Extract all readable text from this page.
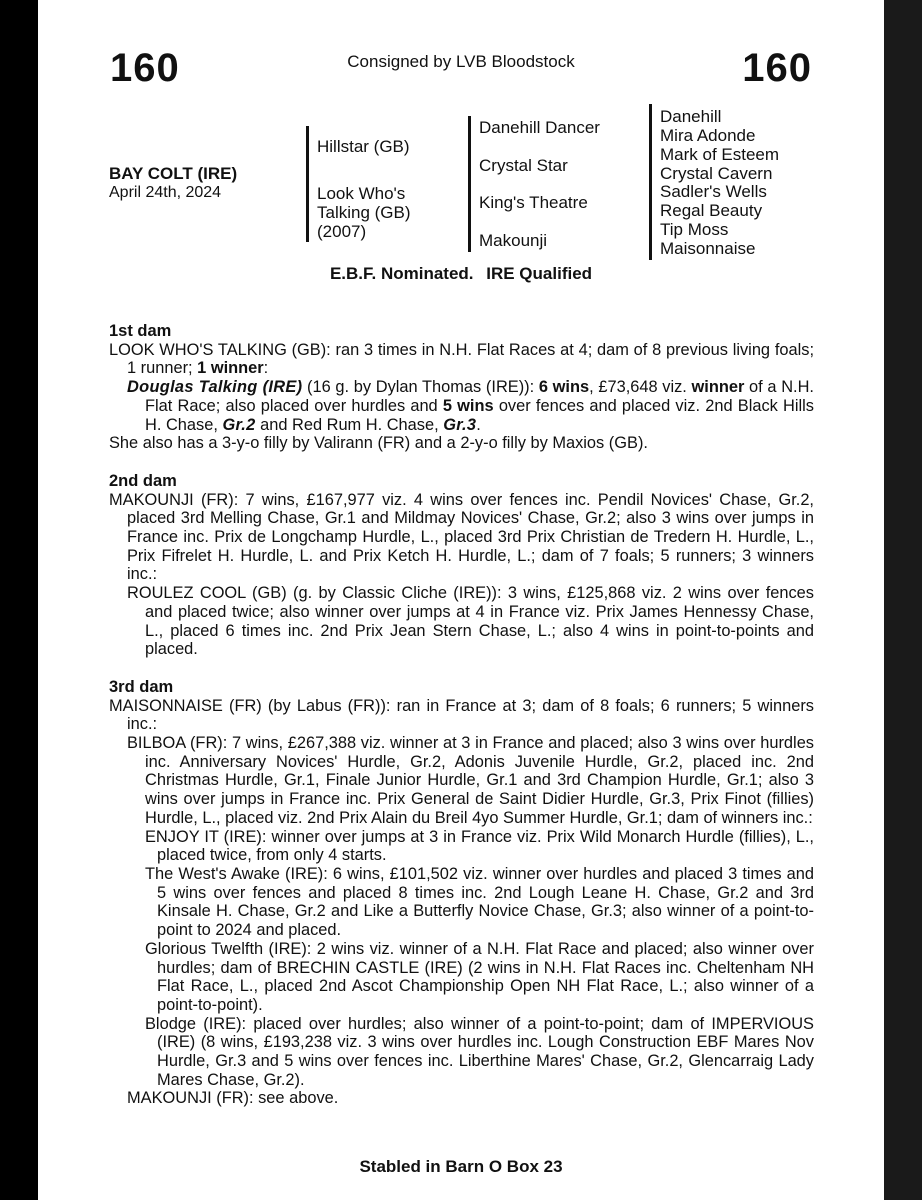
160	Consigned by LVB Bloodstock	160
BAY COLT (IRE)
April 24th, 2024
Hillstar (GB)
Look Who's
Talking (GB)
(2007)
Danehill Dancer
Crystal Star
King's Theatre
Makounji
Danehill
Mira Adonde
Mark of Esteem
Crystal Cavern
Sadler's Wells
Regal Beauty
Tip Moss
Maisonnaise
E.B.F. Nominated. IRE Qualified
1st dam
LOOK WHO'S TALKING (GB): ran 3 times in N.H. Flat Races at 4; dam of 8 previous living foals; 1 runner; 1 winner:
Douglas Talking (IRE) (16 g. by Dylan Thomas (IRE)): 6 wins, £73,648 viz. winner of a N.H. Flat Race; also placed over hurdles and 5 wins over fences and placed viz. 2nd Black Hills H. Chase, Gr.2 and Red Rum H. Chase, Gr.3.
She also has a 3-y-o filly by Valirann (FR) and a 2-y-o filly by Maxios (GB).
2nd dam
MAKOUNJI (FR): 7 wins, £167,977 viz. 4 wins over fences inc. Pendil Novices' Chase, Gr.2, placed 3rd Melling Chase, Gr.1 and Mildmay Novices' Chase, Gr.2; also 3 wins over jumps in France inc. Prix de Longchamp Hurdle, L., placed 3rd Prix Christian de Tredern H. Hurdle, L., Prix Fifrelet H. Hurdle, L. and Prix Ketch H. Hurdle, L.; dam of 7 foals; 5 runners; 3 winners inc.:
ROULEZ COOL (GB) (g. by Classic Cliche (IRE)): 3 wins, £125,868 viz. 2 wins over fences and placed twice; also winner over jumps at 4 in France viz. Prix James Hennessy Chase, L., placed 6 times inc. 2nd Prix Jean Stern Chase, L.; also 4 wins in point-to-points and placed.
3rd dam
MAISONNAISE (FR) (by Labus (FR)): ran in France at 3; dam of 8 foals; 6 runners; 5 winners inc.:
BILBOA (FR): 7 wins, £267,388 viz. winner at 3 in France and placed; also 3 wins over hurdles inc. Anniversary Novices' Hurdle, Gr.2, Adonis Juvenile Hurdle, Gr.2, placed inc. 2nd Christmas Hurdle, Gr.1, Finale Junior Hurdle, Gr.1 and 3rd Champion Hurdle, Gr.1; also 3 wins over jumps in France inc. Prix General de Saint Didier Hurdle, Gr.3, Prix Finot (fillies) Hurdle, L., placed viz. 2nd Prix Alain du Breil 4yo Summer Hurdle, Gr.1; dam of winners inc.:
ENJOY IT (IRE): winner over jumps at 3 in France viz. Prix Wild Monarch Hurdle (fillies), L., placed twice, from only 4 starts.
The West's Awake (IRE): 6 wins, £101,502 viz. winner over hurdles and placed 3 times and 5 wins over fences and placed 8 times inc. 2nd Lough Leane H. Chase, Gr.2 and 3rd Kinsale H. Chase, Gr.2 and Like a Butterfly Novice Chase, Gr.3; also winner of a point-to-point to 2024 and placed.
Glorious Twelfth (IRE): 2 wins viz. winner of a N.H. Flat Race and placed; also winner over hurdles; dam of BRECHIN CASTLE (IRE) (2 wins in N.H. Flat Races inc. Cheltenham NH Flat Race, L., placed 2nd Ascot Championship Open NH Flat Race, L.; also winner of a point-to-point).
Blodge (IRE): placed over hurdles; also winner of a point-to-point; dam of IMPERVIOUS (IRE) (8 wins, £193,238 viz. 3 wins over hurdles inc. Lough Construction EBF Mares Nov Hurdle, Gr.3 and 5 wins over fences inc. Liberthine Mares' Chase, Gr.2, Glencarraig Lady Mares Chase, Gr.2).
MAKOUNJI (FR): see above.
Stabled in Barn O Box 23
